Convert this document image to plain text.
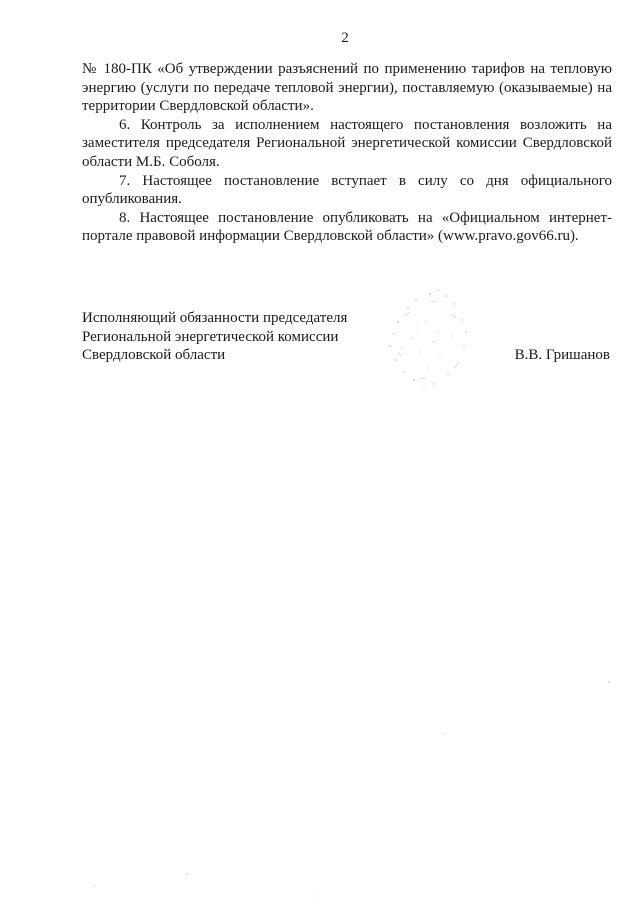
2

№ 180-ПК «Об утверждении разъяснений по применению тарифов на тепловую энергию (услуги по передаче тепловой энергии), поставляемую (оказываемые) на территории Свердловской области».

6. Контроль за исполнением настоящего постановления возложить на заместителя председателя Региональной энергетической комиссии Свердловской области М.Б. Соболя.

7. Настоящее постановление вступает в силу со дня официального опубликования.

8. Настоящее постановление опубликовать на «Официальном интернет-портале правовой информации Свердловской области» (www.pravo.gov66.ru).

Исполняющий обязанности председателя
Региональной энергетической комиссии
Свердловской области	В.В. Гришанов
